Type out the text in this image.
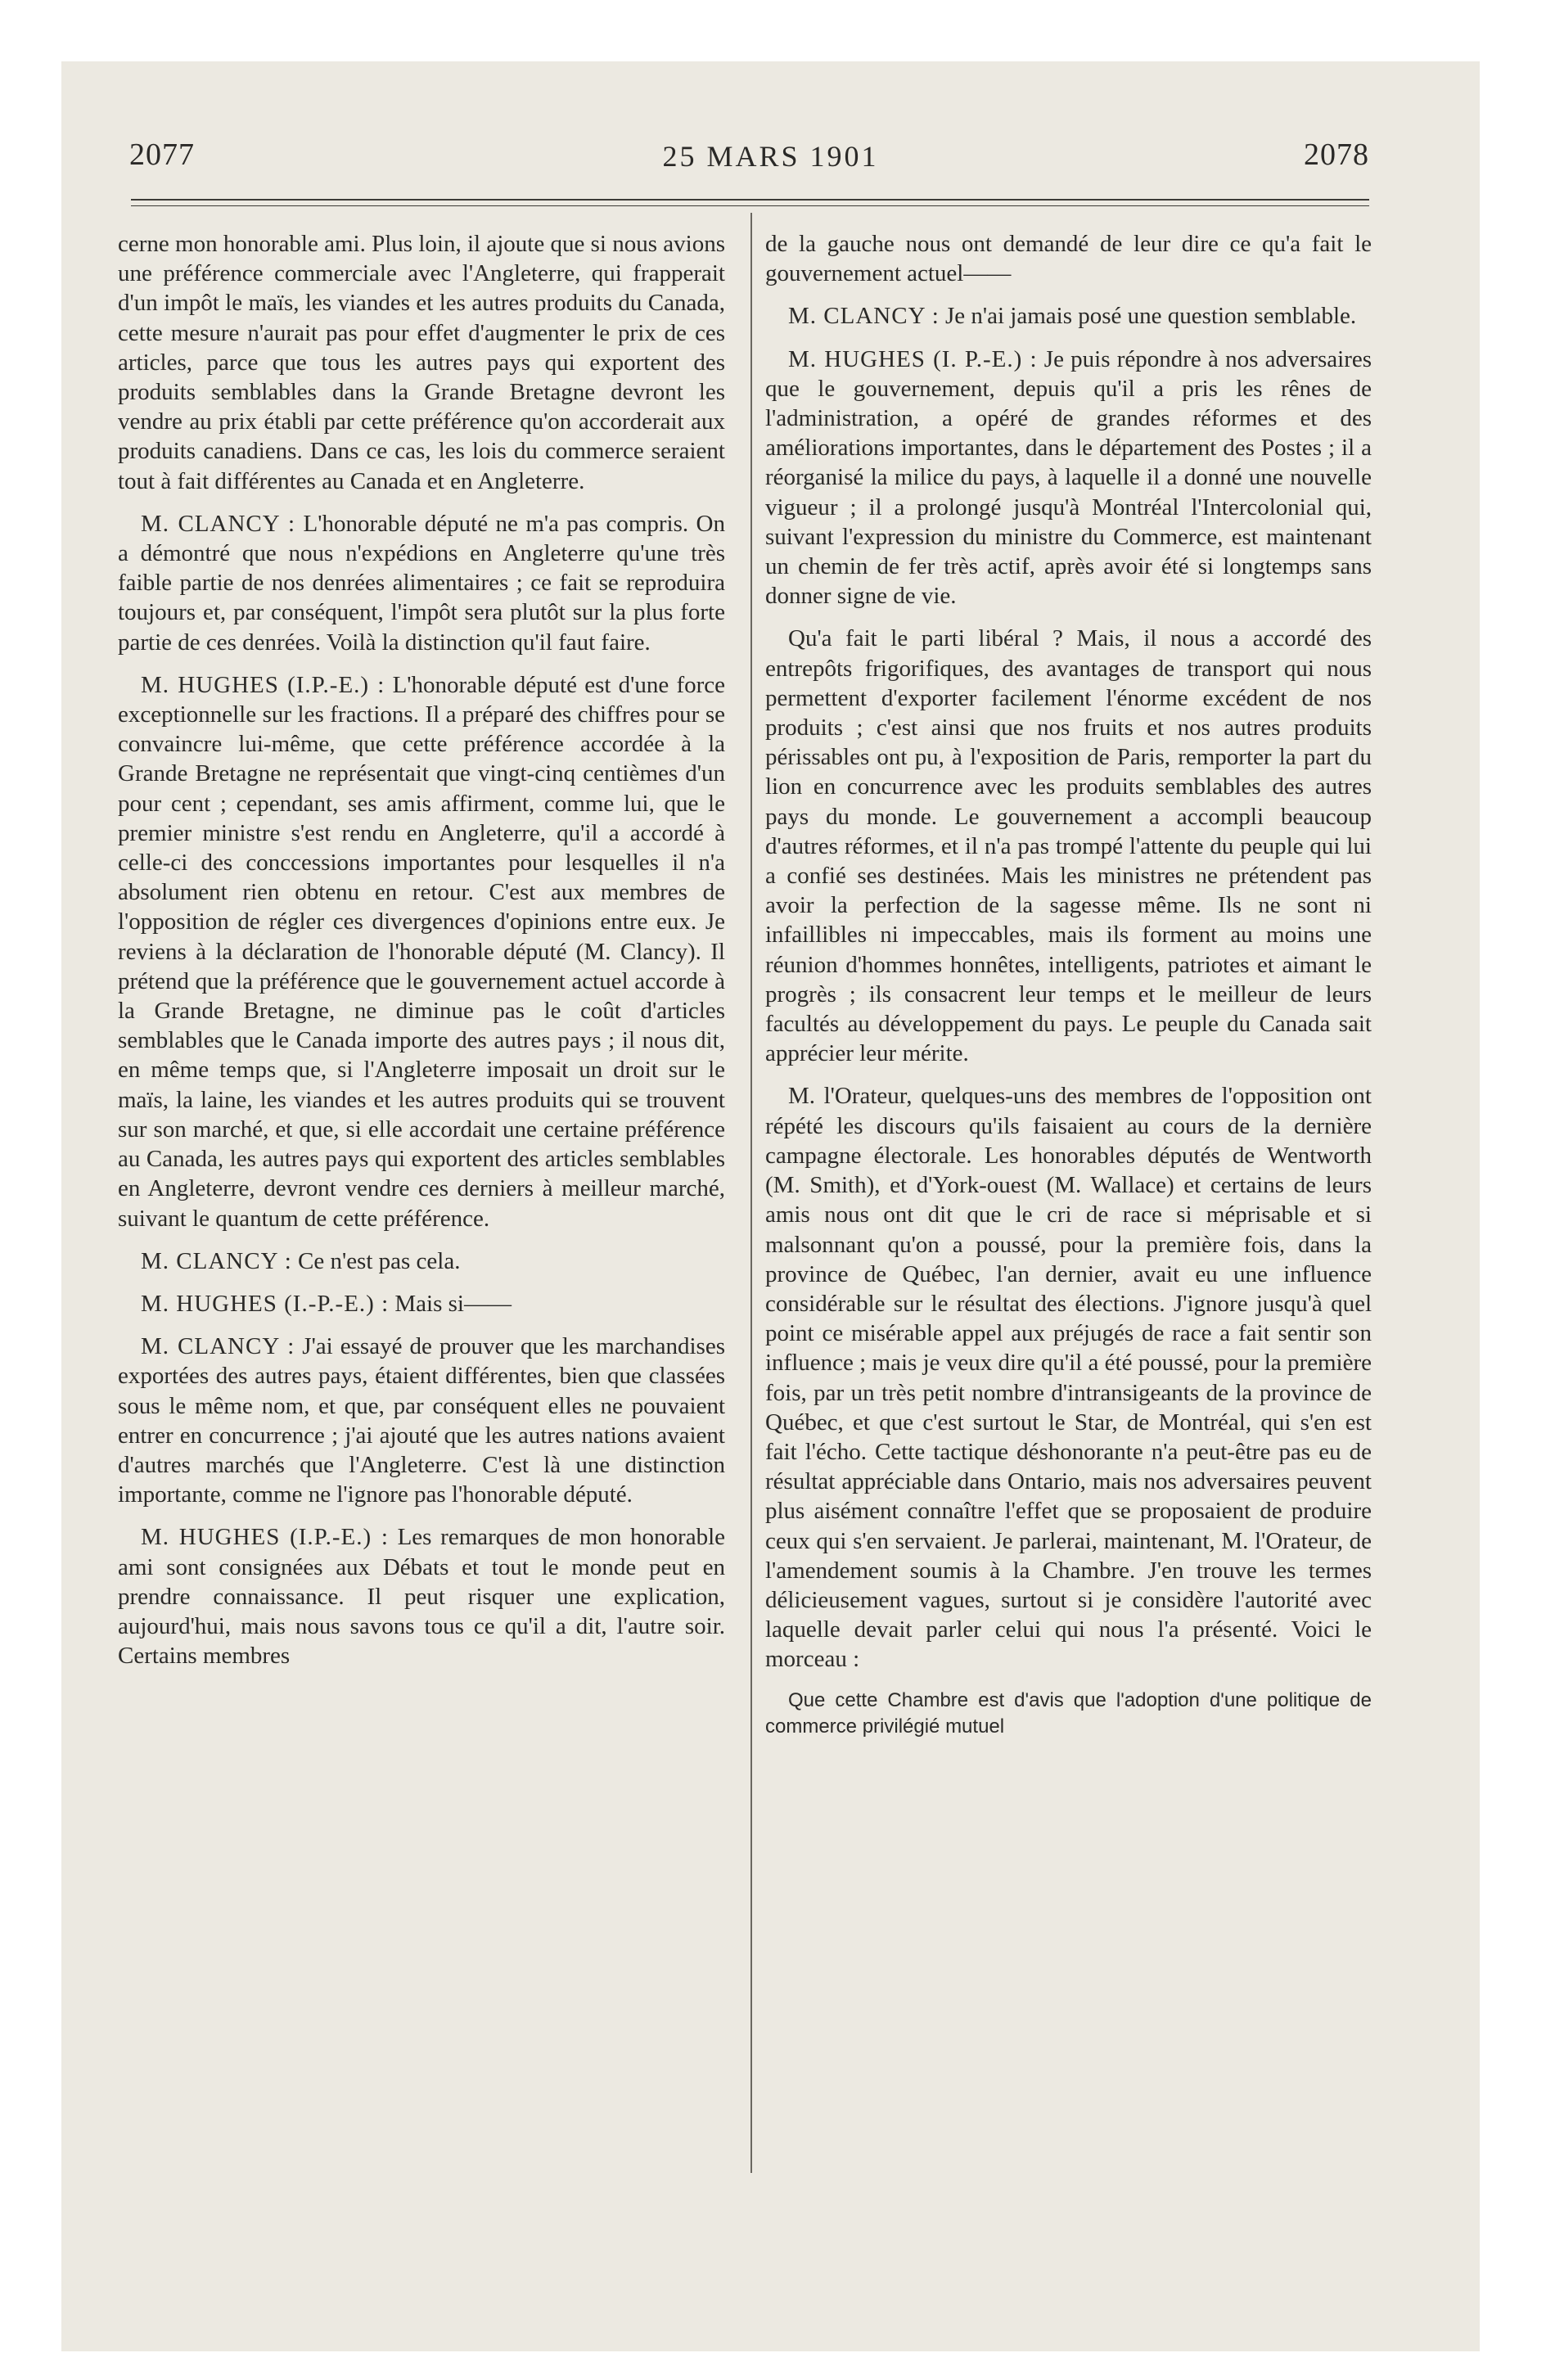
2077	25 MARS 1901	2078

cerne mon honorable ami. Plus loin, il ajoute que si nous avions une préférence commerciale avec l'Angleterre, qui frapperait d'un impôt le maïs, les viandes et les autres produits du Canada, cette mesure n'aurait pas pour effet d'augmenter le prix de ces articles, parce que tous les autres pays qui exportent des produits semblables dans la Grande Bretagne devront les vendre au prix établi par cette préférence qu'on accorderait aux produits canadiens. Dans ce cas, les lois du commerce seraient tout à fait différentes au Canada et en Angleterre.

M. CLANCY : L'honorable député ne m'a pas compris. On a démontré que nous n'expédions en Angleterre qu'une très faible partie de nos denrées alimentaires ; ce fait se reproduira toujours et, par conséquent, l'impôt sera plutôt sur la plus forte partie de ces denrées. Voilà la distinction qu'il faut faire.

M. HUGHES (I.P.-E.) : L'honorable député est d'une force exceptionnelle sur les fractions. Il a préparé des chiffres pour se convaincre lui-même, que cette préférence accordée à la Grande Bretagne ne représentait que vingt-cinq centièmes d'un pour cent ; cependant, ses amis affirment, comme lui, que le premier ministre s'est rendu en Angleterre, qu'il a accordé à celle-ci des conccessions importantes pour lesquelles il n'a absolument rien obtenu en retour. C'est aux membres de l'opposition de régler ces divergences d'opinions entre eux. Je reviens à la déclaration de l'honorable député (M. Clancy). Il prétend que la préférence que le gouvernement actuel accorde à la Grande Bretagne, ne diminue pas le coût d'articles semblables que le Canada importe des autres pays ; il nous dit, en même temps que, si l'Angleterre imposait un droit sur le maïs, la laine, les viandes et les autres produits qui se trouvent sur son marché, et que, si elle accordait une certaine préférence au Canada, les autres pays qui exportent des articles semblables en Angleterre, devront vendre ces derniers à meilleur marché, suivant le quantum de cette préférence.

M. CLANCY : Ce n'est pas cela.

M. HUGHES (I.-P.-E.) : Mais si——

M. CLANCY : J'ai essayé de prouver que les marchandises exportées des autres pays, étaient différentes, bien que classées sous le même nom, et que, par conséquent elles ne pouvaient entrer en concurrence ; j'ai ajouté que les autres nations avaient d'autres marchés que l'Angleterre. C'est là une distinction importante, comme ne l'ignore pas l'honorable député.

M. HUGHES (I.P.-E.) : Les remarques de mon honorable ami sont consignées aux Débats et tout le monde peut en prendre connaissance. Il peut risquer une explication, aujourd'hui, mais nous savons tous ce qu'il a dit, l'autre soir. Certains membres

de la gauche nous ont demandé de leur dire ce qu'a fait le gouvernement actuel——

M. CLANCY : Je n'ai jamais posé une question semblable.

M. HUGHES (I. P.-E.) : Je puis répondre à nos adversaires que le gouvernement, depuis qu'il a pris les rênes de l'administration, a opéré de grandes réformes et des améliorations importantes, dans le département des Postes ; il a réorganisé la milice du pays, à laquelle il a donné une nouvelle vigueur ; il a prolongé jusqu'à Montréal l'Intercolonial qui, suivant l'expression du ministre du Commerce, est maintenant un chemin de fer très actif, après avoir été si longtemps sans donner signe de vie.

Qu'a fait le parti libéral ? Mais, il nous a accordé des entrepôts frigorifiques, des avantages de transport qui nous permettent d'exporter facilement l'énorme excédent de nos produits ; c'est ainsi que nos fruits et nos autres produits périssables ont pu, à l'exposition de Paris, remporter la part du lion en concurrence avec les produits semblables des autres pays du monde. Le gouvernement a accompli beaucoup d'autres réformes, et il n'a pas trompé l'attente du peuple qui lui a confié ses destinées. Mais les ministres ne prétendent pas avoir la perfection de la sagesse même. Ils ne sont ni infaillibles ni impeccables, mais ils forment au moins une réunion d'hommes honnêtes, intelligents, patriotes et aimant le progrès ; ils consacrent leur temps et le meilleur de leurs facultés au développement du pays. Le peuple du Canada sait apprécier leur mérite.

M. l'Orateur, quelques-uns des membres de l'opposition ont répété les discours qu'ils faisaient au cours de la dernière campagne électorale. Les honorables députés de Wentworth (M. Smith), et d'York-ouest (M. Wallace) et certains de leurs amis nous ont dit que le cri de race si méprisable et si malsonnant qu'on a poussé, pour la première fois, dans la province de Québec, l'an dernier, avait eu une influence considérable sur le résultat des élections. J'ignore jusqu'à quel point ce misérable appel aux préjugés de race a fait sentir son influence ; mais je veux dire qu'il a été poussé, pour la première fois, par un très petit nombre d'intransigeants de la province de Québec, et que c'est surtout le Star, de Montréal, qui s'en est fait l'écho. Cette tactique déshonorante n'a peut-être pas eu de résultat appréciable dans Ontario, mais nos adversaires peuvent plus aisément connaître l'effet que se proposaient de produire ceux qui s'en servaient. Je parlerai, maintenant, M. l'Orateur, de l'amendement soumis à la Chambre. J'en trouve les termes délicieusement vagues, surtout si je considère l'autorité avec laquelle devait parler celui qui nous l'a présenté. Voici le morceau :

Que cette Chambre est d'avis que l'adoption d'une politique de commerce privilégié mutuel
